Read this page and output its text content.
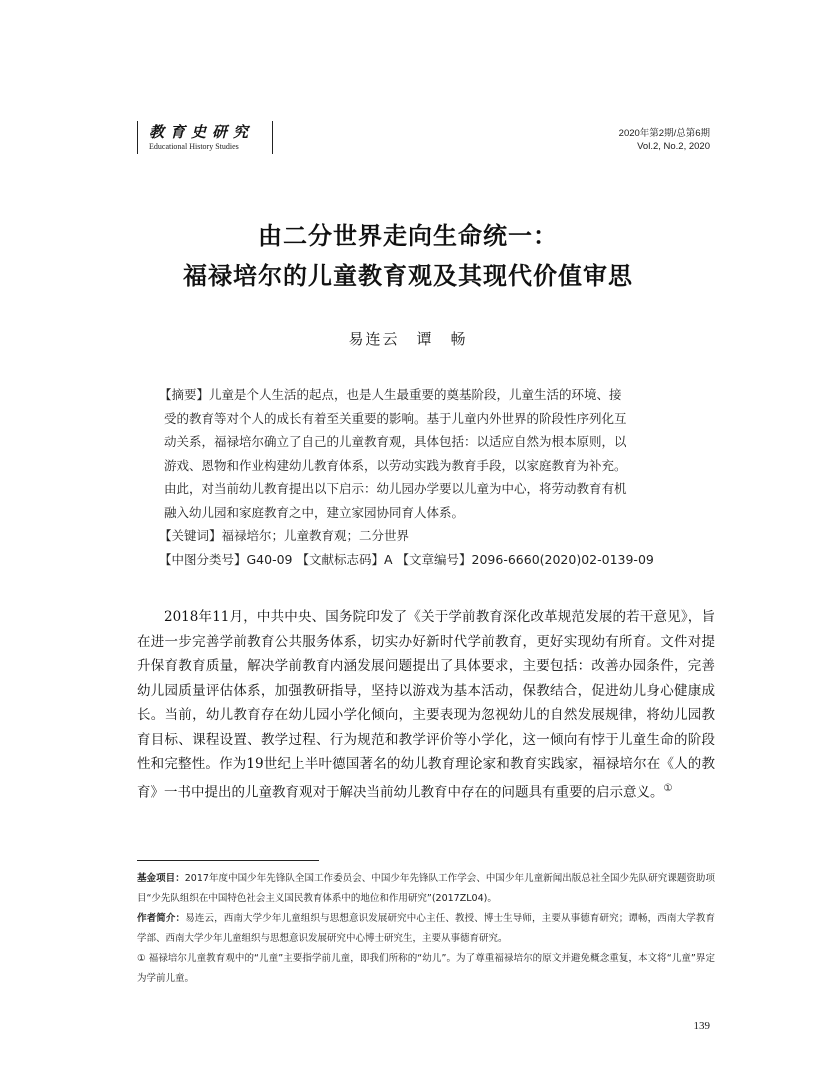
教育史研究
Educational History Studies
2020年第2期/总第6期
Vol.2, No.2, 2020
由二分世界走向生命统一：
福禄培尔的儿童教育观及其现代价值审思
易连云　谭　畅
【摘要】儿童是个人生活的起点，也是人生最重要的奠基阶段，儿童生活的环境、接
受的教育等对个人的成长有着至关重要的影响。基于儿童内外世界的阶段性序列化互
动关系，福禄培尔确立了自己的儿童教育观，具体包括：以适应自然为根本原则，以
游戏、恩物和作业构建幼儿教育体系，以劳动实践为教育手段，以家庭教育为补充。
由此，对当前幼儿教育提出以下启示：幼儿园办学要以儿童为中心，将劳动教育有机
融入幼儿园和家庭教育之中，建立家园协同育人体系。
【关键词】福禄培尔；儿童教育观；二分世界
【中图分类号】G40-09 【文献标志码】A 【文章编号】2096-6660(2020)02-0139-09

2018年11月，中共中央、国务院印发了《关于学前教育深化改革规范发展的若干意见》，旨在进一步完善学前教育公共服务体系，切实办好新时代学前教育，更好实现幼有所育。文件对提升保育教育质量，解决学前教育内涵发展问题提出了具体要求，主要包括：改善办园条件，完善幼儿园质量评估体系，加强教研指导，坚持以游戏为基本活动，保教结合，促进幼儿身心健康成长。当前，幼儿教育存在幼儿园小学化倾向，主要表现为忽视幼儿的自然发展规律，将幼儿园教育目标、课程设置、教学过程、行为规范和教学评价等小学化，这一倾向有悖于儿童生命的阶段性和完整性。作为19世纪上半叶德国著名的幼儿教育理论家和教育实践家，福禄培尔在《人的教育》一书中提出的儿童教育观对于解决当前幼儿教育中存在的问题具有重要的启示意义。①

基金项目：2017年度中国少年先锋队全国工作委员会、中国少年先锋队工作学会、中国少年儿童新闻出版总社全国少先队研究课题资助项目“少先队组织在中国特色社会主义国民教育体系中的地位和作用研究”(2017ZL04)。
作者简介：易连云，西南大学少年儿童组织与思想意识发展研究中心主任、教授、博士生导师，主要从事德育研究；谭畅，西南大学教育学部、西南大学少年儿童组织与思想意识发展研究中心博士研究生，主要从事德育研究。
① 福禄培尔儿童教育观中的“儿童”主要指学前儿童，即我们所称的“幼儿”。为了尊重福禄培尔的原文并避免概念重复，本文将“儿童”界定为学前儿童。
139
